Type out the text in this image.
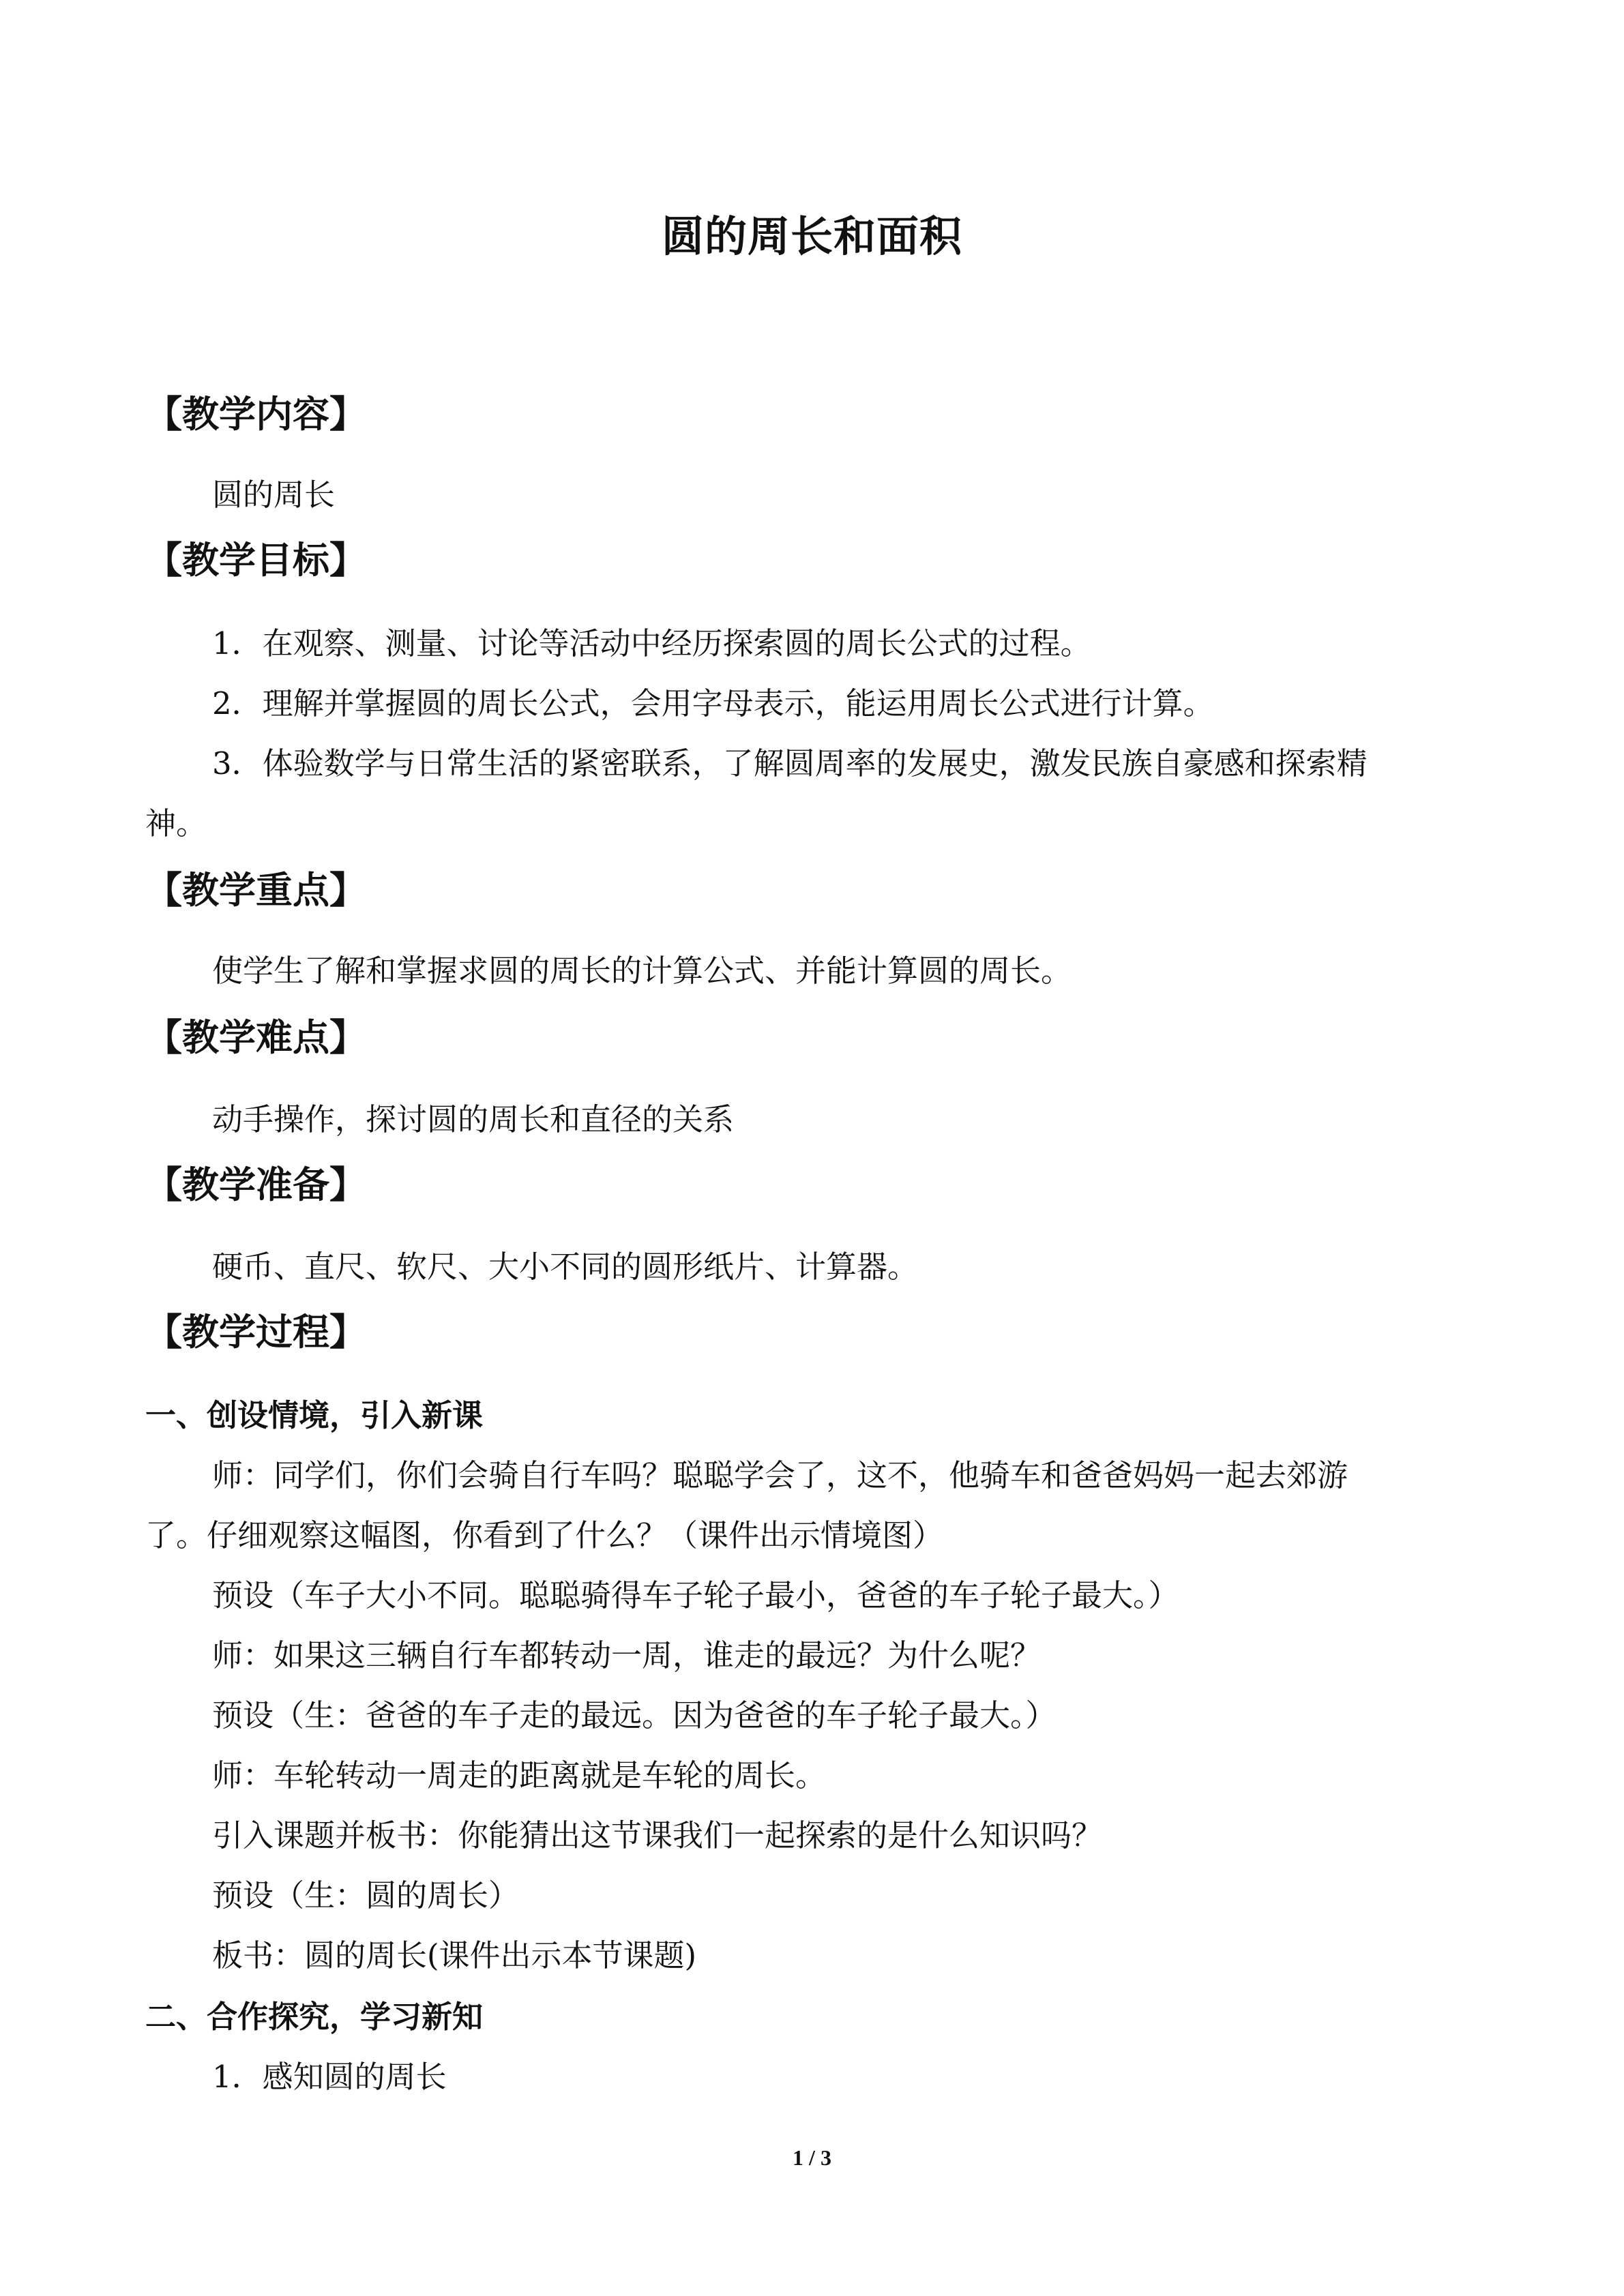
圆的周长和面积
【教学内容】
圆的周长
【教学目标】
1．在观察、测量、讨论等活动中经历探索圆的周长公式的过程。
2．理解并掌握圆的周长公式，会用字母表示，能运用周长公式进行计算。
3．体验数学与日常生活的紧密联系，了解圆周率的发展史，激发民族自豪感和探索精
神。
【教学重点】
使学生了解和掌握求圆的周长的计算公式、并能计算圆的周长。
【教学难点】
动手操作，探讨圆的周长和直径的关系
【教学准备】
硬币、直尺、软尺、大小不同的圆形纸片、计算器。
【教学过程】
一、创设情境，引入新课
师：同学们，你们会骑自行车吗？聪聪学会了，这不，他骑车和爸爸妈妈一起去郊游
了。仔细观察这幅图，你看到了什么？（课件出示情境图）
预设（车子大小不同。聪聪骑得车子轮子最小，爸爸的车子轮子最大。）
师：如果这三辆自行车都转动一周，谁走的最远？为什么呢？
预设（生：爸爸的车子走的最远。因为爸爸的车子轮子最大。）
师：车轮转动一周走的距离就是车轮的周长。
引入课题并板书：你能猜出这节课我们一起探索的是什么知识吗？
预设（生：圆的周长）
板书：圆的周长(课件出示本节课题)
二、合作探究，学习新知
1．感知圆的周长
1 / 3
